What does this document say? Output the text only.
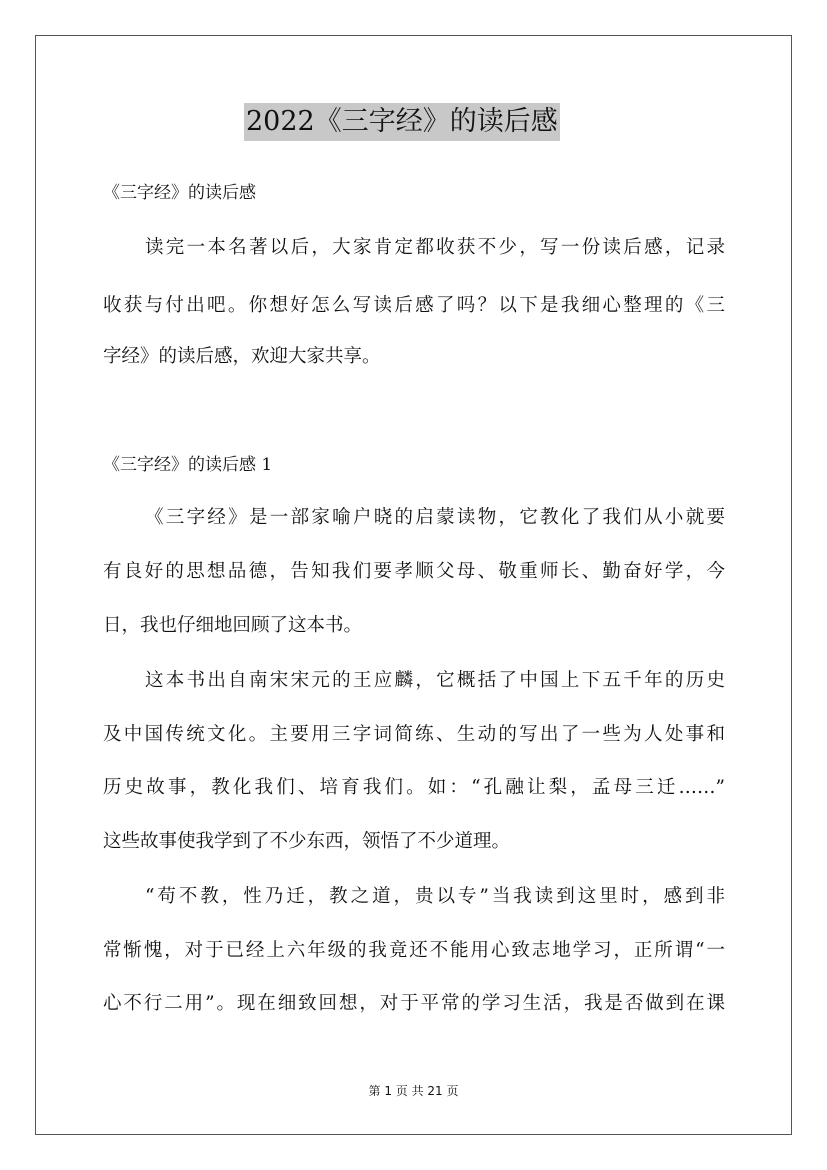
2022《三字经》的读后感
《三字经》的读后感
读完一本名著以后，大家肯定都收获不少，写一份读后感，记录
收获与付出吧。你想好怎么写读后感了吗？以下是我细心整理的《三
字经》的读后感，欢迎大家共享。
《三字经》的读后感 1
《三字经》是一部家喻户晓的启蒙读物，它教化了我们从小就要
有良好的思想品德，告知我们要孝顺父母、敬重师长、勤奋好学，今
日，我也仔细地回顾了这本书。
这本书出自南宋宋元的王应麟，它概括了中国上下五千年的历史
及中国传统文化。主要用三字词简练、生动的写出了一些为人处事和
历史故事，教化我们、培育我们。如：“孔融让梨，孟母三迁……”
这些故事使我学到了不少东西，领悟了不少道理。
“苟不教，性乃迁，教之道，贵以专”当我读到这里时，感到非
常惭愧，对于已经上六年级的我竟还不能用心致志地学习，正所谓“一
心不行二用”。现在细致回想，对于平常的学习生活，我是否做到在课
第 1 页 共 21 页
